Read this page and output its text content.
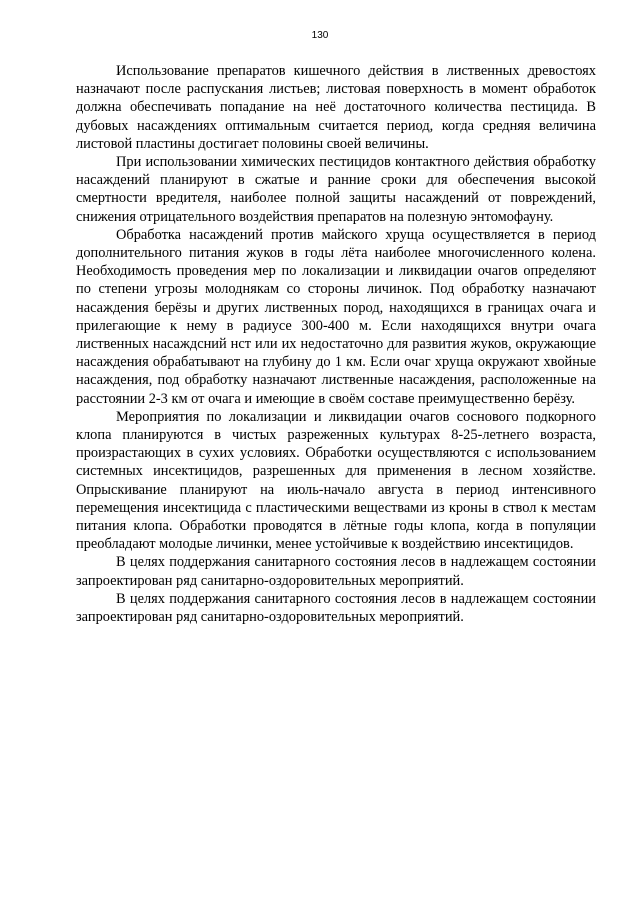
130

Использование препаратов кишечного действия в лиственных древостоях назначают после распускания листьев; листовая поверхность в момент обработок должна обеспечивать попадание на неё достаточного количества пестицида. В дубовых насаждениях оптимальным считается период, когда средняя величина листовой пластины достигает половины своей величины.

При использовании химических пестицидов контактного действия обработку насаждений планируют в сжатые и ранние сроки для обеспечения высокой смертности вредителя, наиболее полной защиты насаждений от повреждений, снижения отрицательного воздействия препаратов на полезную энтомофауну.

Обработка насаждений против майского хруща осуществляется в период дополнительного питания жуков в годы лёта наиболее многочисленного колена. Необходимость проведения мер по локализации и ликвидации очагов определяют по степени угрозы молоднякам со стороны личинок. Под обработку назначают насаждения берёзы и других лиственных пород, находящихся в границах очага и прилегающие к нему в радиусе 300-400 м. Если находящихся внутри очага лиственных насаждсний нст или их недостаточно для развития жуков, окружающие насаждения обрабатывают на глубину до 1 км. Если очаг хруща окружают хвойные насаждения, под обработку назначают лиственные насаждения, расположенные на расстоянии 2-3 км от очага и имеющие в своём составе преимущественно берёзу.

Мероприятия по локализации и ликвидации очагов соснового подкорного клопа планируются в чистых разреженных культурах 8-25-летнего возраста, произрастающих в сухих условиях. Обработки осуществляются с использованием системных инсектицидов, разрешенных для применения в лесном хозяйстве. Опрыскивание планируют на июль-начало августа в период интенсивного перемещения инсектицида с пластическими веществами из кроны в ствол к местам питания клопа. Обработки проводятся в лётные годы клопа, когда в популяции преобладают молодые личинки, менее устойчивые к воздействию инсектицидов.

В целях поддержания санитарного состояния лесов в надлежащем состоянии запроектирован ряд санитарно-оздоровительных мероприятий.

В целях поддержания санитарного состояния лесов в надлежащем состоянии запроектирован ряд санитарно-оздоровительных мероприятий.
